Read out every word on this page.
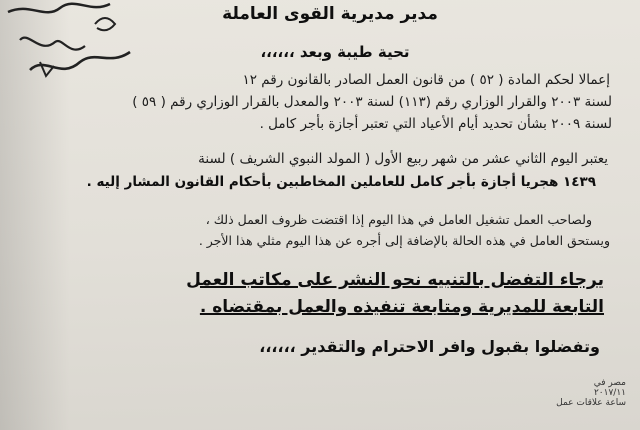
مدير مديرية القوى العاملة
تحية طيبة وبعد ،،،،،،
إعمالا لحكم المادة ( ٥٢ ) من قانون العمل الصادر بالقانون رقم ١٢
لسنة ٢٠٠٣ والقرار الوزاري رقم (١١٣) لسنة ٢٠٠٣ والمعدل بالقرار الوزاري رقم ( ٥٩ )
لسنة ٢٠٠٩ بشأن تحديد أيام الأعياد التي تعتبر أجازة بأجر كامل .
يعتبر اليوم الثاني عشر من شهر ربيع الأول ( المولد النبوي الشريف ) لسنة
١٤٣٩ هجريا أجازة بأجر كامل للعاملين المخاطبين بأحكام القانون المشار إليه .
ولصاحب العمل تشغيل العامل في هذا اليوم إذا اقتضت ظروف العمل ذلك ،
ويستحق العامل في هذه الحالة بالإضافة إلى أجره عن هذا اليوم مثلي هذا الأجر .
يرجاء التفضل بالتنبيه نحو النشر على مكاتب العمل
التابعة للمديرية ومتابعة تنفيذه والعمل بمقتضاه .
وتفضلوا بقبول وافر الاحترام والتقدير ،،،،،،
مصر في
٢٠١٧/١١
ساعة علاقات عمل
